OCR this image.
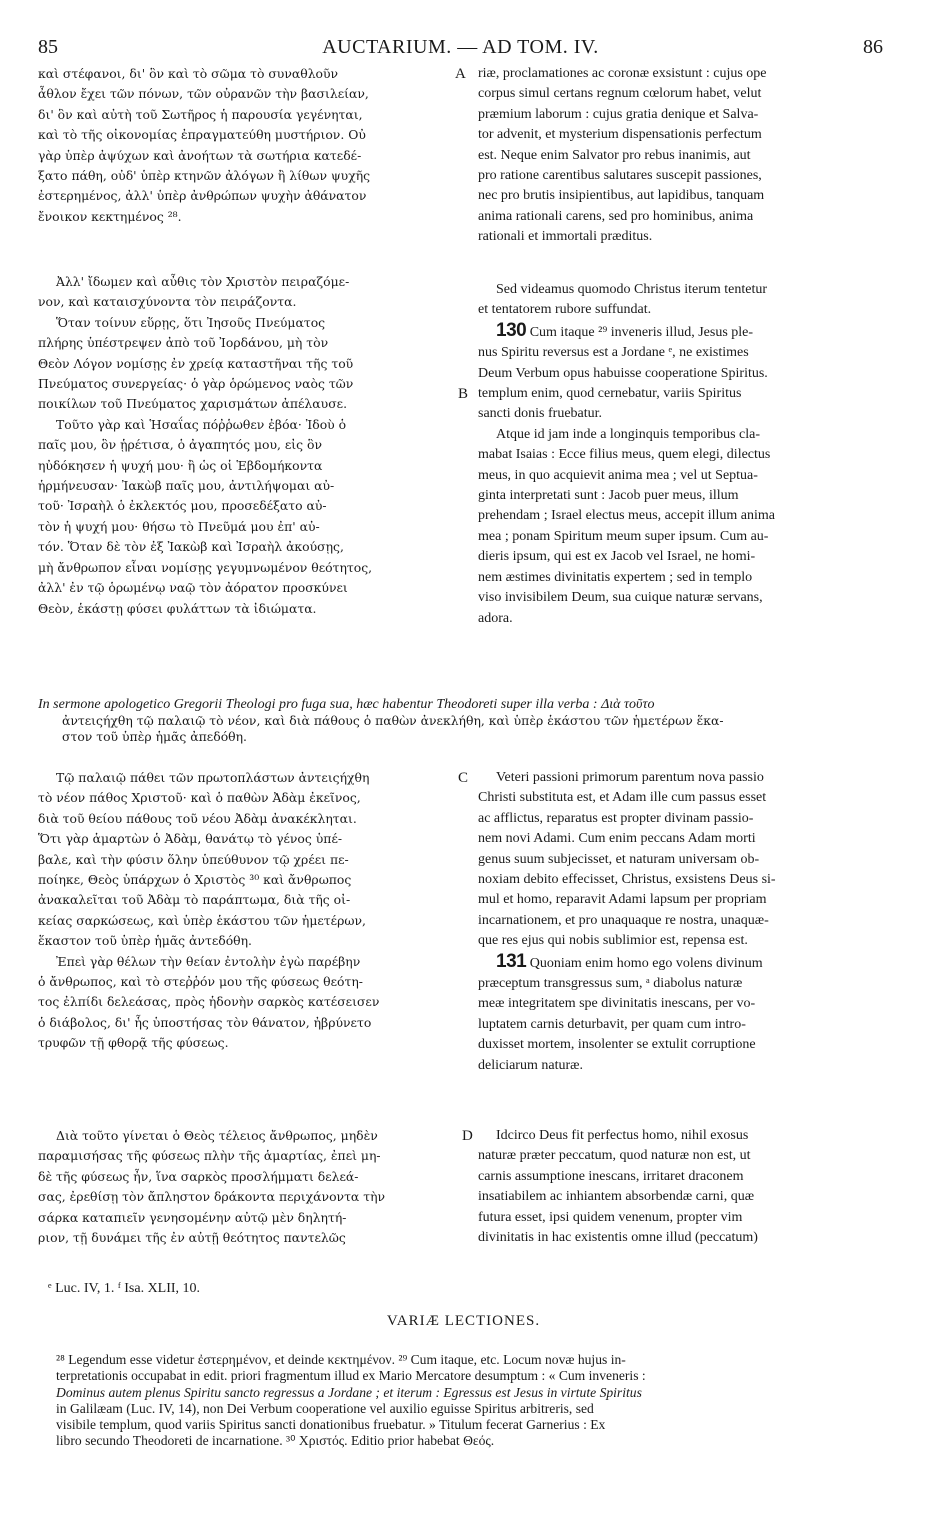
85	AUCTARIUM. — AD TOM. IV.	86
A
B
C
D
καὶ στέφανοι, δι' ὃν καὶ τὸ σῶμα τὸ συναθλοῦν
ἆθλον ἔχει τῶν πόνων, τῶν οὐρανῶν τὴν βασιλείαν,
δι' ὃν καὶ αὐτὴ τοῦ Σωτῆρος ἡ παρουσία γεγένηται,
καὶ τὸ τῆς οἰκονομίας ἐπραγματεύθη μυστήριον. Οὐ
γὰρ ὑπὲρ ἀψύχων καὶ ἀνοήτων τὰ σωτήρια κατεδέ-
ξατο πάθη, οὐδ' ὑπὲρ κτηνῶν ἀλόγων ἢ λίθων ψυχῆς
ἐστερημένος, ἀλλ' ὑπὲρ ἀνθρώπων ψυχὴν ἀθάνατον
ἔνοικον κεκτημένος ²⁸.
riæ, proclamationes ac coronæ exsistunt : cujus ope
corpus simul certans regnum cœlorum habet, velut
præmium laborum : cujus gratia denique et Salva-
tor advenit, et mysterium dispensationis perfectum
est. Neque enim Salvator pro rebus inanimis, aut
pro ratione carentibus salutares suscepit passiones,
nec pro brutis insipientibus, aut lapidibus, tanquam
anima rationali carens, sed pro hominibus, anima
rationali et immortali præditus.
Ἀλλ' ἴδωμεν καὶ αὖθις τὸν Χριστὸν πειραζόμε-
νον, καὶ καταισχύνοντα τὸν πειράζοντα.
Ὅταν τοίνυν εὕρῃς, ὅτι Ἰησοῦς Πνεύματος
πλήρης ὑπέστρεψεν ἀπὸ τοῦ Ἰορδάνου, μὴ τὸν
Θεὸν Λόγον νομίσῃς ἐν χρείᾳ καταστῆναι τῆς τοῦ
Πνεύματος συνεργείας· ὁ γὰρ ὁρώμενος ναὸς τῶν
ποικίλων τοῦ Πνεύματος χαρισμάτων ἀπέλαυσε.
Τοῦτο γὰρ καὶ Ἡσαΐας πόῤῥωθεν ἐβόα· Ἰδοὺ ὁ
παῖς μου, ὃν ᾑρέτισα, ὁ ἀγαπητός μου, εἰς ὃν
ηὐδόκησεν ἡ ψυχή μου· ἢ ὡς οἱ Ἑβδομήκοντα
ἡρμήνευσαν· Ἰακὼβ παῖς μου, ἀντιλήψομαι αὐ-
τοῦ· Ἰσραὴλ ὁ ἐκλεκτός μου, προσεδέξατο αὐ-
τὸν ἡ ψυχή μου· θήσω τὸ Πνεῦμά μου ἐπ' αὐ-
τόν. Ὅταν δὲ τὸν ἐξ Ἰακὼβ καὶ Ἰσραὴλ ἀκούσῃς,
μὴ ἄνθρωπον εἶναι νομίσῃς γεγυμνωμένον θεότητος,
ἀλλ' ἐν τῷ ὁρωμένῳ ναῷ τὸν ἀόρατον προσκύνει
Θεὸν, ἑκάστῃ φύσει φυλάττων τὰ ἰδιώματα.
Sed videamus quomodo Christus iterum tentetur
et tentatorem rubore suffundat.
130 Cum itaque ²⁹ inveneris illud, Jesus ple-
nus Spiritu reversus est a Jordane ᵉ, ne existimes
Deum Verbum opus habuisse cooperatione Spiritus.
templum enim, quod cernebatur, variis Spiritus
sancti donis fruebatur.
Atque id jam inde a longinquis temporibus cla-
mabat Isaias : Ecce filius meus, quem elegi, dilectus
meus, in quo acquievit anima mea ; vel ut Septua-
ginta interpretati sunt : Jacob puer meus, illum
prehendam ; Israel electus meus, accepit illum anima
mea ; ponam Spiritum meum super ipsum. Cum au-
dieris ipsum, qui est ex Jacob vel Israel, ne homi-
nem æstimes divinitatis expertem ; sed in templo
viso invisibilem Deum, sua cuique naturæ servans,
adora.
In sermone apologetico Gregorii Theologi pro fuga sua, hæc habentur Theodoreti super illa verba : Διὰ τοῦτο
ἀντειςήχθη τῷ παλαιῷ τὸ νέον, καὶ διὰ πάθους ὁ παθὼν ἀνεκλήθη, καὶ ὑπὲρ ἑκάστου τῶν ἡμετέρων ἕκα-
στον τοῦ ὑπὲρ ἡμᾶς ἀπεδόθη.
Τῷ παλαιῷ πάθει τῶν πρωτοπλάστων ἀντειςήχθη
τὸ νέον πάθος Χριστοῦ· καὶ ὁ παθὼν Ἀδὰμ ἐκεῖνος,
διὰ τοῦ θείου πάθους τοῦ νέου Ἀδὰμ ἀνακέκληται.
Ὅτι γὰρ ἁμαρτὼν ὁ Ἀδὰμ, θανάτῳ τὸ γένος ὑπέ-
βαλε, καὶ τὴν φύσιν ὅλην ὑπεύθυνον τῷ χρέει πε-
ποίηκε, Θεὸς ὑπάρχων ὁ Χριστὸς ³⁰ καὶ ἄνθρωπος
ἀνακαλεῖται τοῦ Ἀδὰμ τὸ παράπτωμα, διὰ τῆς οἰ-
κείας σαρκώσεως, καὶ ὑπὲρ ἑκάστου τῶν ἡμετέρων,
ἕκαστον τοῦ ὑπὲρ ἡμᾶς ἀντεδόθη.
Ἐπεὶ γὰρ θέλων τὴν θείαν ἐντολὴν ἐγὼ παρέβην
ὁ ἄνθρωπος, καὶ τὸ στεῤῥόν μου τῆς φύσεως θεότη-
τος ἐλπίδι δελεάσας, πρὸς ἡδονὴν σαρκὸς κατέσεισεν
ὁ διάβολος, δι' ἧς ὑποστήσας τὸν θάνατον, ἠβρύνετο
τρυφῶν τῇ φθορᾷ τῆς φύσεως.
Veteri passioni primorum parentum nova passio
Christi substituta est, et Adam ille cum passus esset
ac afflictus, reparatus est propter divinam passio-
nem novi Adami. Cum enim peccans Adam morti
genus suum subjecisset, et naturam universam ob-
noxiam debito effecisset, Christus, exsistens Deus si-
mul et homo, reparavit Adami lapsum per propriam
incarnationem, et pro unaquaque re nostra, unaquæ-
que res ejus qui nobis sublimior est, repensa est.
131 Quoniam enim homo ego volens divinum
præceptum transgressus sum, ᵃ diabolus naturæ
meæ integritatem spe divinitatis inescans, per vo-
luptatem carnis deturbavit, per quam cum intro-
duxisset mortem, insolenter se extulit corruptione
deliciarum naturæ.
Διὰ τοῦτο γίνεται ὁ Θεὸς τέλειος ἄνθρωπος, μηδὲν
παραμισήσας τῆς φύσεως πλὴν τῆς ἁμαρτίας, ἐπεὶ μη-
δὲ τῆς φύσεως ἦν, ἵνα σαρκὸς προσλήμματι δελεά-
σας, ἐρεθίσῃ τὸν ἄπληστον δράκοντα περιχάνοντα τὴν
σάρκα καταπιεῖν γενησομένην αὐτῷ μὲν δηλητή-
ριον, τῇ δυνάμει τῆς ἐν αὐτῇ θεότητος παντελῶς
Idcirco Deus fit perfectus homo, nihil exosus
naturæ præter peccatum, quod naturæ non est, ut
carnis assumptione inescans, irritaret draconem
insatiabilem ac inhiantem absorbendæ carni, quæ
futura esset, ipsi quidem venenum, propter vim
divinitatis in hac existentis omne illud (peccatum)
ᵉ Luc. IV, 1. ᶠ Isa. XLII, 10.
VARIÆ LECTIONES.
²⁸ Legendum esse videtur ἐστερημένον, et deinde κεκτημένον. ²⁹ Cum itaque, etc. Locum novæ hujus in-
terpretationis occupabat in edit. priori fragmentum illud ex Mario Mercatore desumptum : « Cum inveneris :
Dominus autem plenus Spiritu sancto regressus a Jordane ; et iterum : Egressus est Jesus in virtute Spiritus
in Galilæam (Luc. IV, 14), non Dei Verbum cooperatione vel auxilio eguisse Spiritus arbitreris, sed
visibile templum, quod variis Spiritus sancti donationibus fruebatur. » Titulum fecerat Garnerius : Ex
libro secundo Theodoreti de incarnatione. ³⁰ Χριστός. Editio prior habebat Θεός.
